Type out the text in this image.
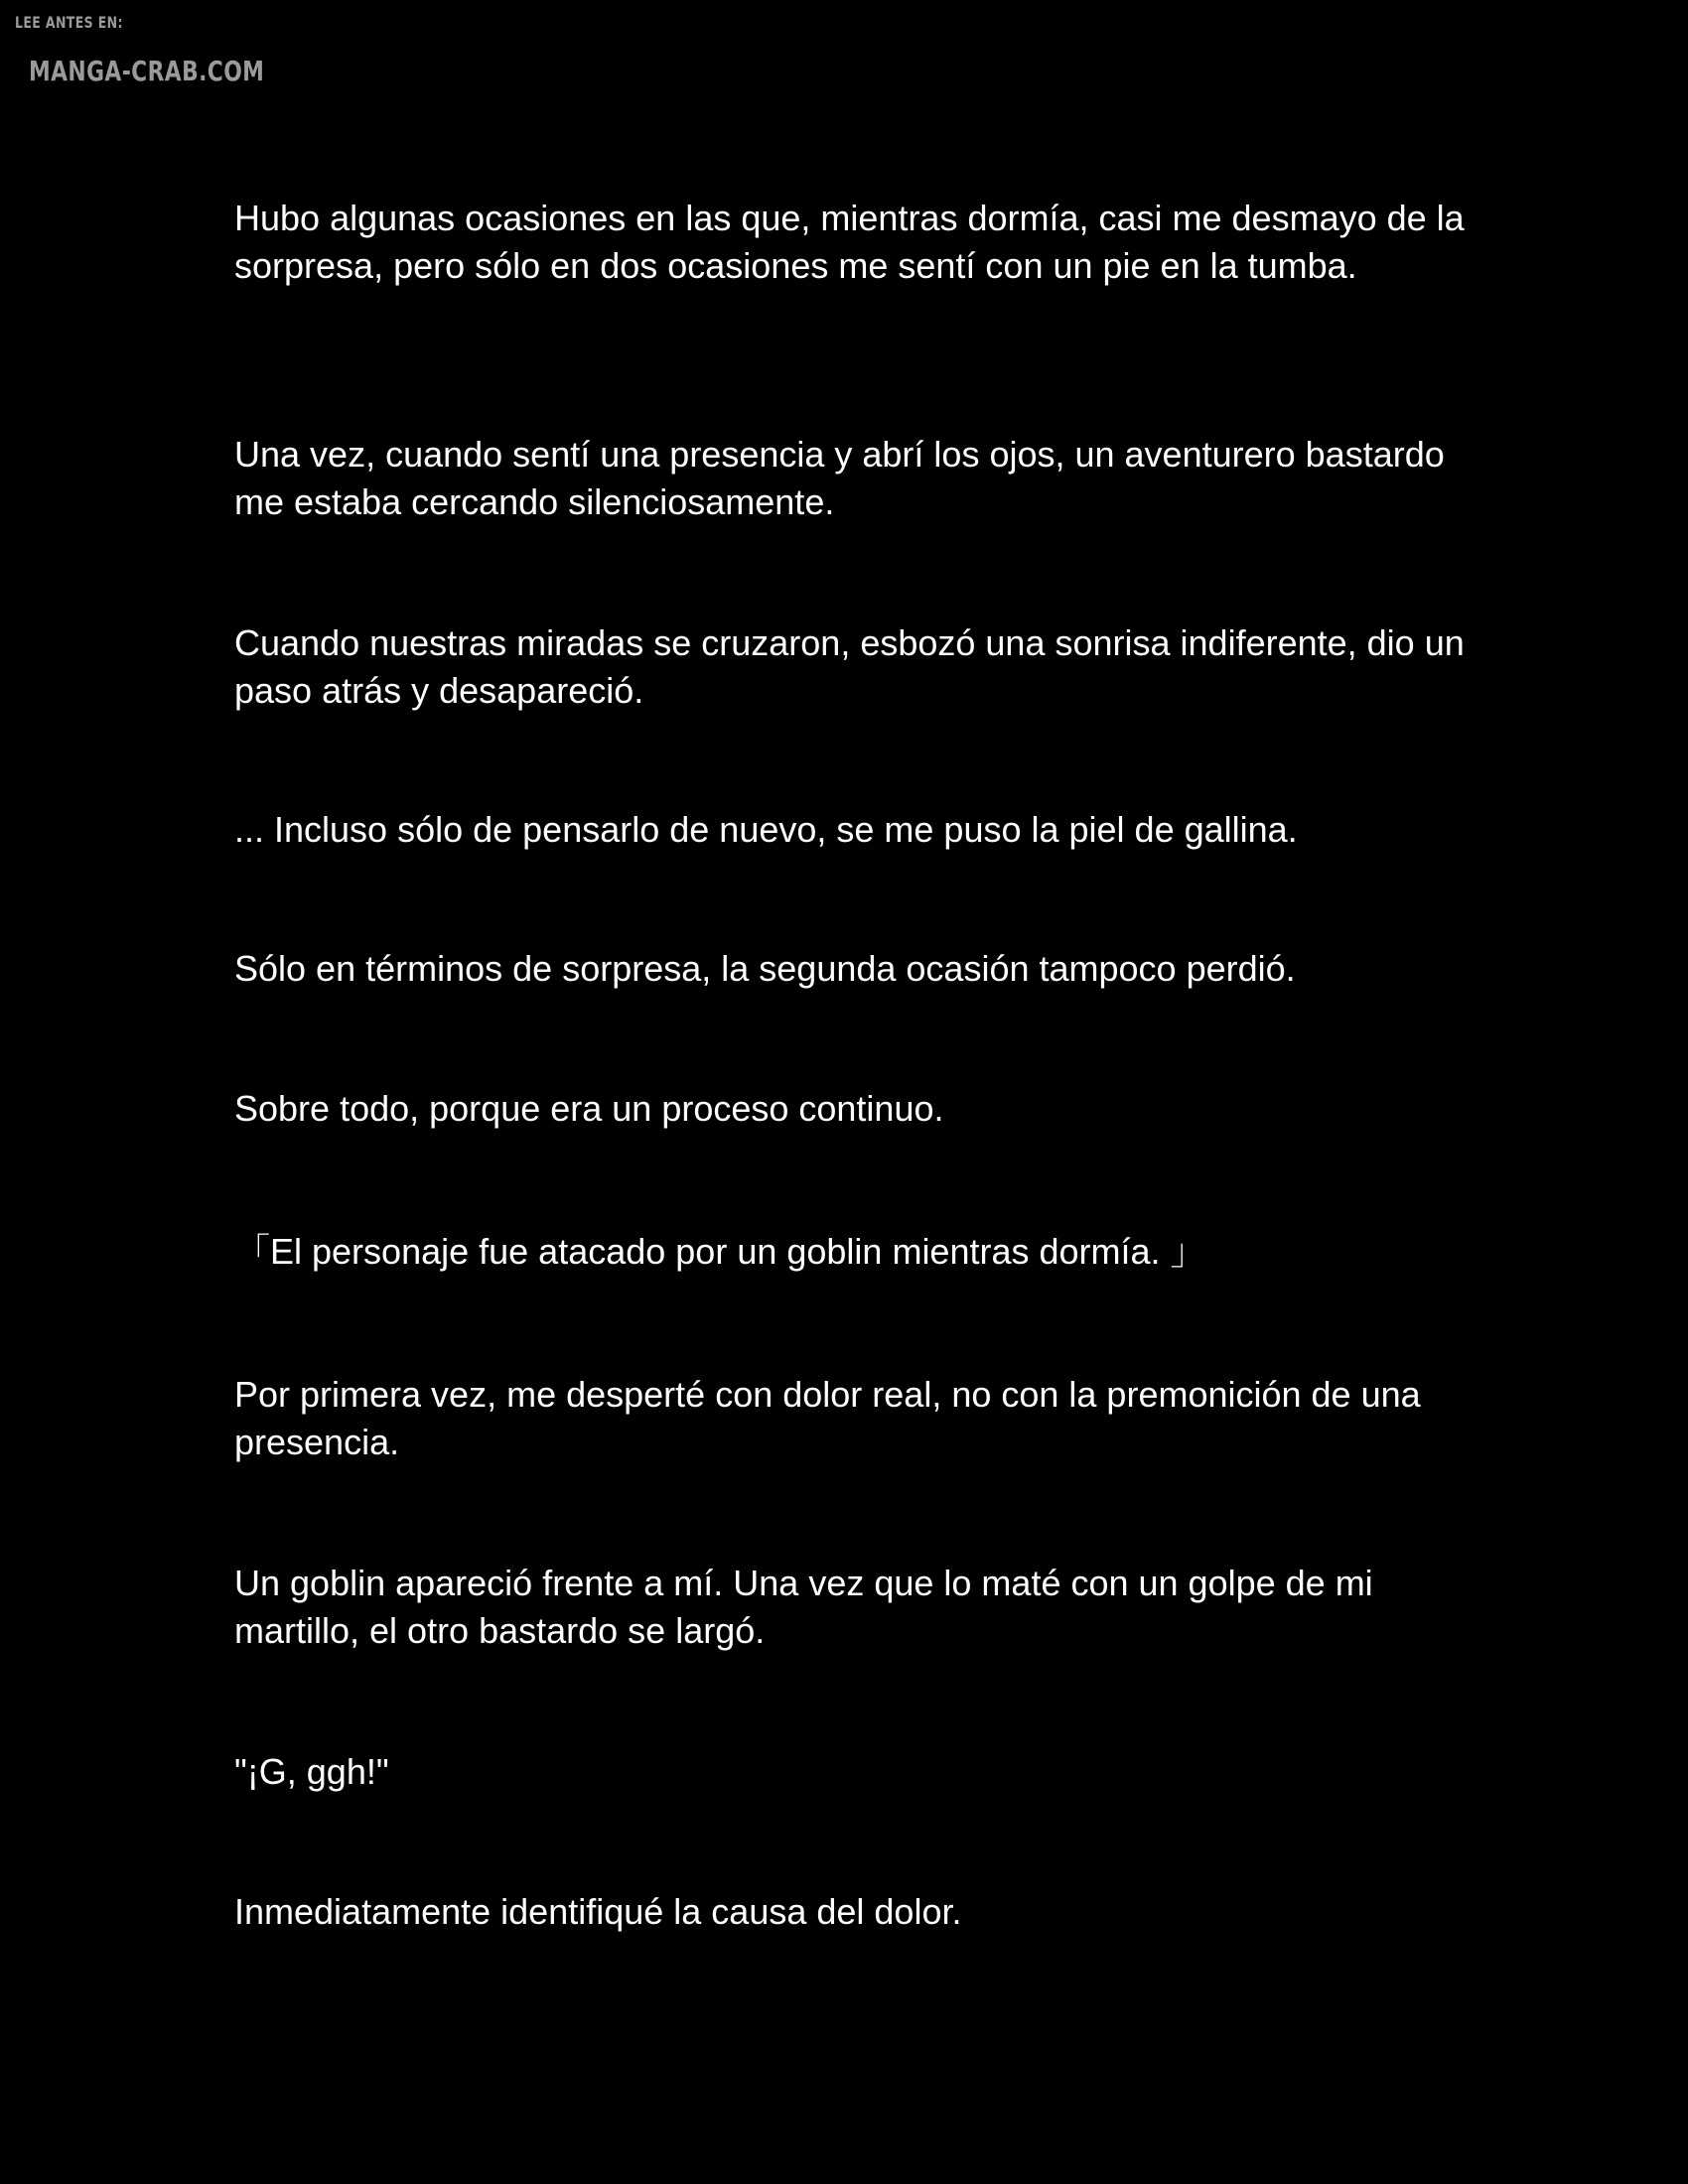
LEE ANTES EN:
MANGA-CRAB.COM

Hubo algunas ocasiones en las que, mientras dormía, casi me desmayo de la sorpresa, pero sólo en dos ocasiones me sentí con un pie en la tumba.

Una vez, cuando sentí una presencia y abrí los ojos, un aventurero bastardo me estaba cercando silenciosamente.

Cuando nuestras miradas se cruzaron, esbozó una sonrisa indiferente, dio un paso atrás y desapareció.

... Incluso sólo de pensarlo de nuevo, se me puso la piel de gallina.

Sólo en términos de sorpresa, la segunda ocasión tampoco perdió.

Sobre todo, porque era un proceso continuo.

「El personaje fue atacado por un goblin mientras dormía. 」

Por primera vez, me desperté con dolor real, no con la premonición de una presencia.

Un goblin apareció frente a mí. Una vez que lo maté con un golpe de mi martillo, el otro bastardo se largó.

"¡G, ggh!"

Inmediatamente identifiqué la causa del dolor.
